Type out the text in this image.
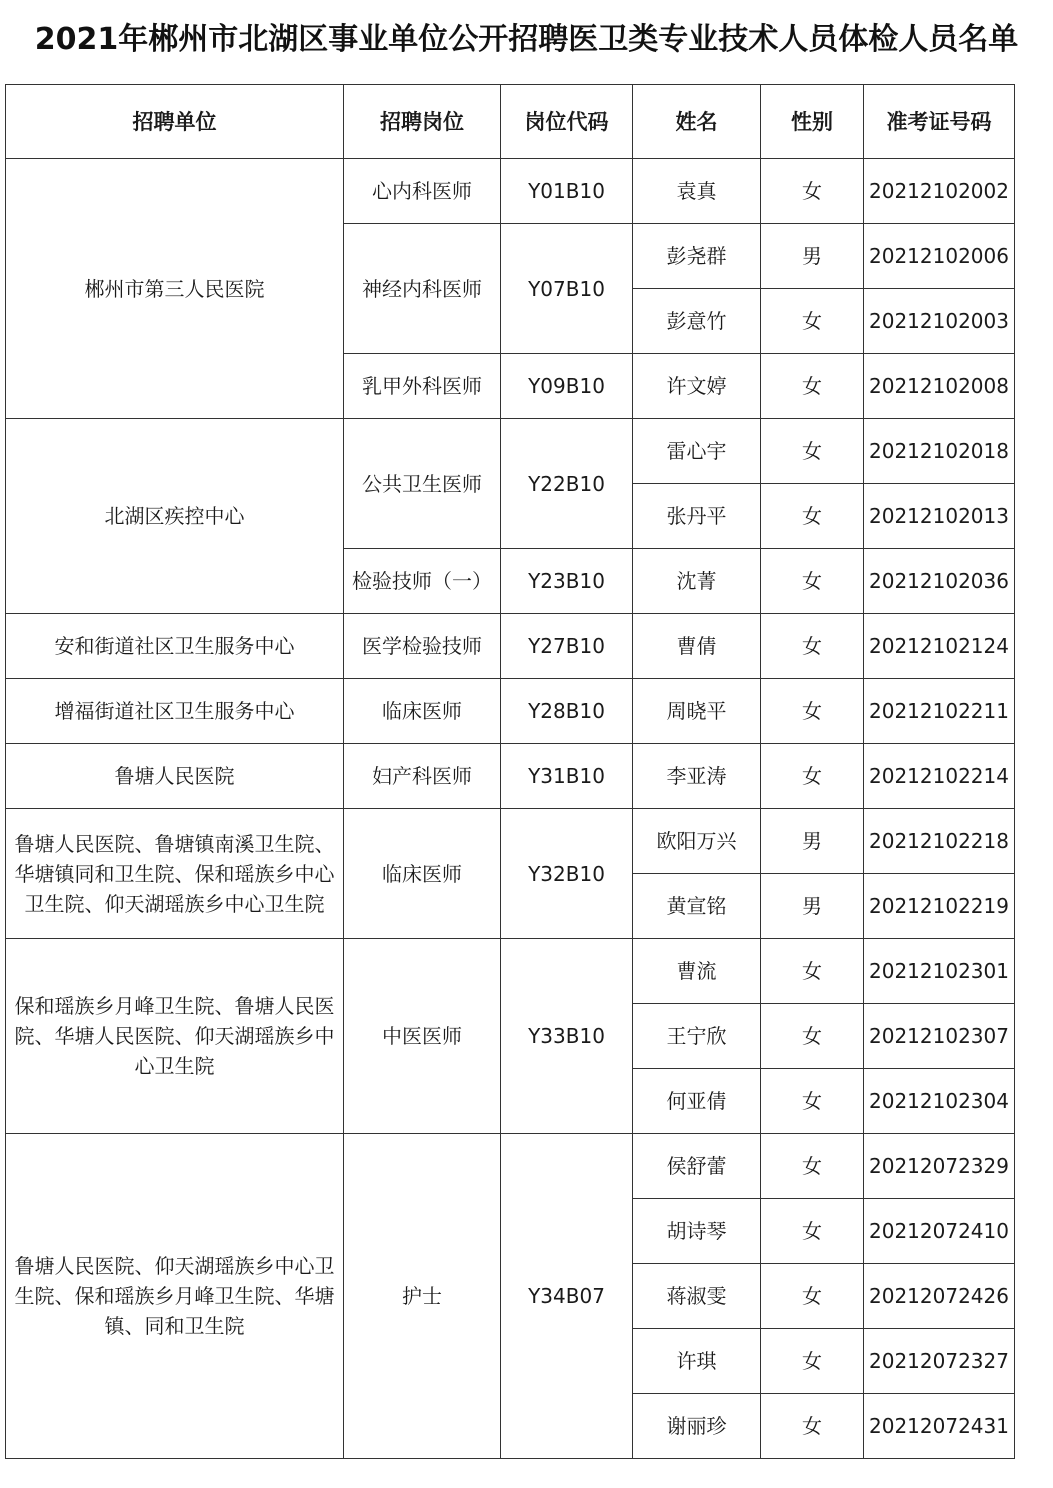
2021年郴州市北湖区事业单位公开招聘医卫类专业技术人员体检人员名单
招聘单位	招聘岗位	岗位代码	姓名	性别	准考证号码
郴州市第三人民医院	心内科医师	Y01B10	袁真	女	20212102002
	神经内科医师	Y07B10	彭尧群	男	20212102006
			彭意竹	女	20212102003
	乳甲外科医师	Y09B10	许文婷	女	20212102008
北湖区疾控中心	公共卫生医师	Y22B10	雷心宇	女	20212102018
			张丹平	女	20212102013
	检验技师（一）	Y23B10	沈菁	女	20212102036
安和街道社区卫生服务中心	医学检验技师	Y27B10	曹倩	女	20212102124
增福街道社区卫生服务中心	临床医师	Y28B10	周晓平	女	20212102211
鲁塘人民医院	妇产科医师	Y31B10	李亚涛	女	20212102214
鲁塘人民医院、鲁塘镇南溪卫生院、华塘镇同和卫生院、保和瑶族乡中心卫生院、仰天湖瑶族乡中心卫生院	临床医师	Y32B10	欧阳万兴	男	20212102218
			黄宣铭	男	20212102219
保和瑶族乡月峰卫生院、鲁塘人民医院、华塘人民医院、仰天湖瑶族乡中心卫生院	中医医师	Y33B10	曹流	女	20212102301
			王宁欣	女	20212102307
			何亚倩	女	20212102304
鲁塘人民医院、仰天湖瑶族乡中心卫生院、保和瑶族乡月峰卫生院、华塘镇、同和卫生院	护士	Y34B07	侯舒蕾	女	20212072329
			胡诗琴	女	20212072410
			蒋淑雯	女	20212072426
			许琪	女	20212072327
			谢丽珍	女	20212072431
